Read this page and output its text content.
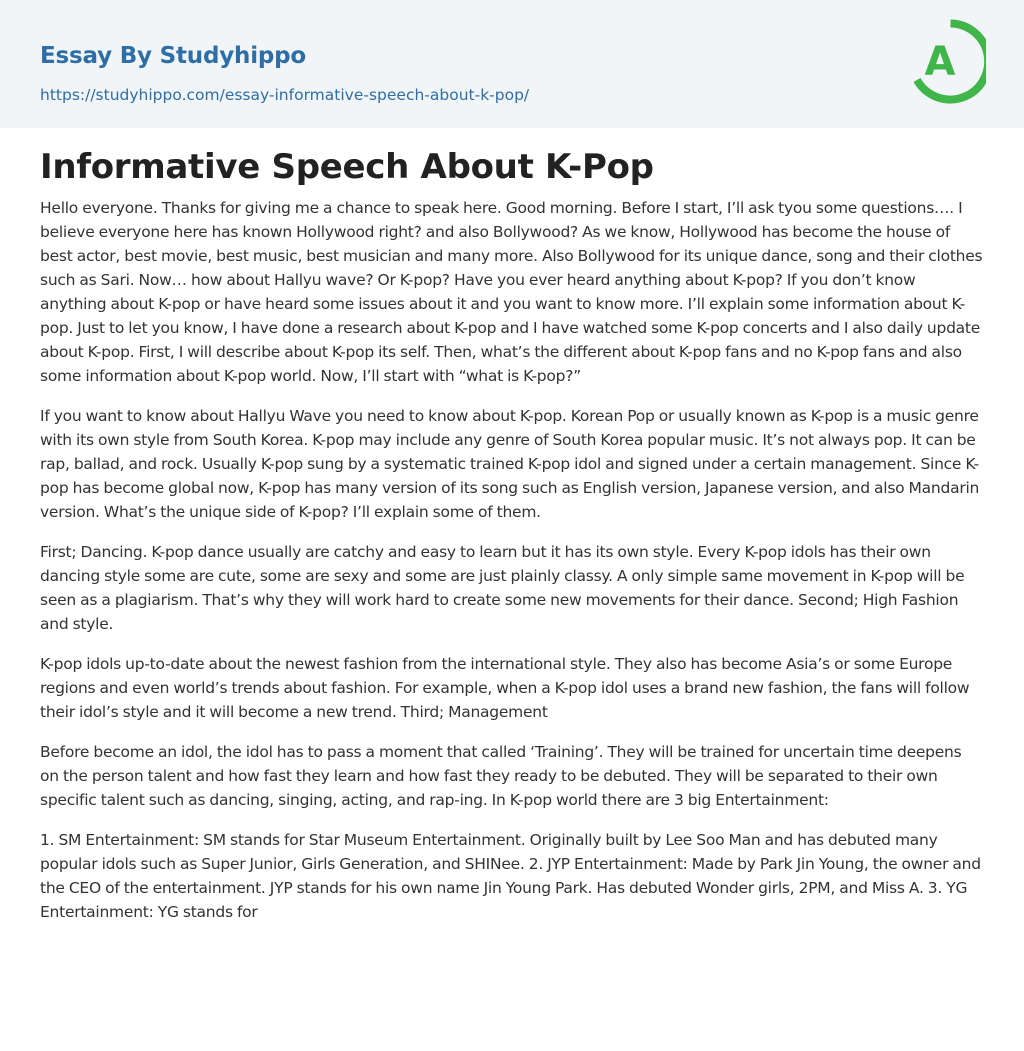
Essay By Studyhippo
https://studyhippo.com/essay-informative-speech-about-k-pop/
A
Informative Speech About K-Pop

Hello everyone. Thanks for giving me a chance to speak here. Good morning. Before I start, I’ll ask tyou some questions…. I believe everyone here has known Hollywood right? and also Bollywood? As we know, Hollywood has become the house of best actor, best movie, best music, best musician and many more. Also Bollywood for its unique dance, song and their clothes such as Sari. Now… how about Hallyu wave? Or K-pop? Have you ever heard anything about K-pop? If you don’t know anything about K-pop or have heard some issues about it and you want to know more. I’ll explain some information about K-pop. Just to let you know, I have done a research about K-pop and I have watched some K-pop concerts and I also daily update about K-pop. First, I will describe about K-pop its self. Then, what’s the different about K-pop fans and no K-pop fans and also some information about K-pop world. Now, I’ll start with “what is K-pop?”

If you want to know about Hallyu Wave you need to know about K-pop. Korean Pop or usually known as K-pop is a music genre with its own style from South Korea. K-pop may include any genre of South Korea popular music. It’s not always pop. It can be rap, ballad, and rock. Usually K-pop sung by a systematic trained K-pop idol and signed under a certain management. Since K-pop has become global now, K-pop has many version of its song such as English version, Japanese version, and also Mandarin version. What’s the unique side of K-pop? I’ll explain some of them.

First; Dancing. K-pop dance usually are catchy and easy to learn but it has its own style. Every K-pop idols has their own dancing style some are cute, some are sexy and some are just plainly classy. A only simple same movement in K-pop will be seen as a plagiarism. That’s why they will work hard to create some new movements for their dance. Second; High Fashion and style.

K-pop idols up-to-date about the newest fashion from the international style. They also has become Asia’s or some Europe regions and even world’s trends about fashion. For example, when a K-pop idol uses a brand new fashion, the fans will follow their idol’s style and it will become a new trend. Third; Management

Before become an idol, the idol has to pass a moment that called ‘Training’. They will be trained for uncertain time deepens on the person talent and how fast they learn and how fast they ready to be debuted. They will be separated to their own specific talent such as dancing, singing, acting, and rap-ing. In K-pop world there are 3 big Entertainment:

1. SM Entertainment: SM stands for Star Museum Entertainment. Originally built by Lee Soo Man and has debuted many popular idols such as Super Junior, Girls Generation, and SHINee. 2. JYP Entertainment: Made by Park Jin Young, the owner and the CEO of the entertainment. JYP stands for his own name Jin Young Park. Has debuted Wonder girls, 2PM, and Miss A. 3. YG Entertainment: YG stands for
